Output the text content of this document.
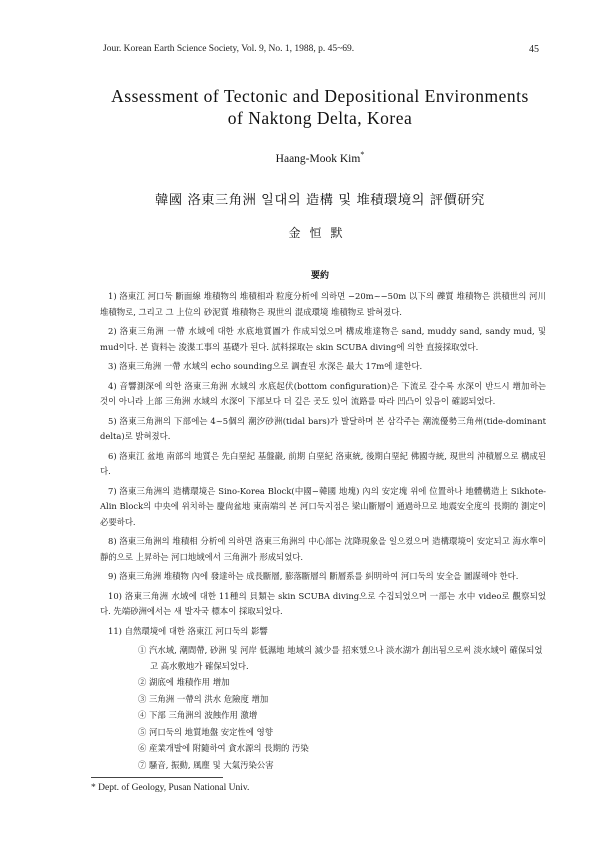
Jour. Korean Earth Science Society, Vol. 9, No. 1, 1988, p. 45~69.	45
Assessment of Tectonic and Depositional Environments
of Naktong Delta, Korea
Haang-Mook Kim*
韓國 洛東三角洲 일대의 造構 및 堆積環境의 評價研究
金恒默
要約

1) 洛東江 河口둑 斷面線 堆積物의 堆積相과 粒度分析에 의하면 −20m~−50m 以下의 礫質 堆積物은 洪積世의 河川堆積物로, 그리고 그 上位의 砂泥質 堆積物은 現世의 混成環境 堆積物로 밝혀졌다.

2) 洛東三角洲 一帶 水域에 대한 水底地質圖가 作成되었으며 構成堆達物은 sand, muddy sand, sandy mud, 및 mud이다. 본 資料는 浚渫工事의 基礎가 된다. 試料採取는 skin SCUBA diving에 의한 直接採取였다.

3) 洛東三角洲 一帶 水域의 echo sounding으로 調査된 水深은 最大 17m에 達한다.

4) 音響測深에 의한 洛東三角洲 水域의 水底起伏(bottom configuration)은 下流로 갈수록 水深이 반드시 增加하는 것이 아니라 上部 三角洲 水域의 水深이 下部보다 더 깊은 곳도 있어 流路를 따라 凹凸이 있음이 確認되었다.

5) 洛東三角洲의 下部에는 4~5個의 潮汐砂洲(tidal bars)가 발달하며 본 삼각주는 潮流優勢三角州(tide-dominant delta)로 밝혀졌다.

6) 洛東江 盆地 南部의 地質은 先白堊紀 基盤巖, 前期 白堊紀 洛東統, 後期白堊紀 佛國寺統, 現世의 沖積層으로 構成된다.

7) 洛東三角洲의 造構環境은 Sino-Korea Block(中國−韓國 地塊) 內의 安定塊 위에 位置하나 地體構造上 Sikhote-Alin Block의 中央에 위치하는 慶尙盆地 東南端의 본 河口둑지점은 梁山斷層이 通過하므로 地震安全度의 長期的 測定이 必要하다.

8) 洛東三角洲의 堆積相 分析에 의하면 洛東三角洲의 中心部는 沈降現象을 일으켰으며 造構環境이 安定되고 海水準이 靜的으로 上昇하는 河口地域에서 三角洲가 形成되었다.

9) 洛東三角洲 堆積物 內에 發達하는 成長斷層, 膨落斷層의 斷層系를 糾明하여 河口둑의 安全을 圖謀해야 한다.

10) 洛東三角洲 水域에 대한 11種의 貝類는 skin SCUBA diving으로 수집되었으며 一部는 水中 video로 觀察되었다. 先端砂洲에서는 새 발자국 標本이 採取되었다.

11) 自然環境에 대한 洛東江 河口둑의 影響

① 汽水域, 潮間帶, 砂洲 및 河岸 低濕地 地域의 減少를 招來했으나 淡水湖가 創出됨으로써 淡水域이 確保되었고 高水敷地가 確保되었다.
② 湖底에 堆積作用 增加
③ 三角洲 一帶의 洪水 危險度 增加
④ 下部 三角洲의 波蝕作用 激增
⑤ 河口둑의 地質地盤 安定性에 영향
⑥ 産業개발에 附隨하여 貪水源의 長期的 汚染
⑦ 騷音, 振動, 風塵 및 大氣汚染公害
* Dept. of Geology, Pusan National Univ.
